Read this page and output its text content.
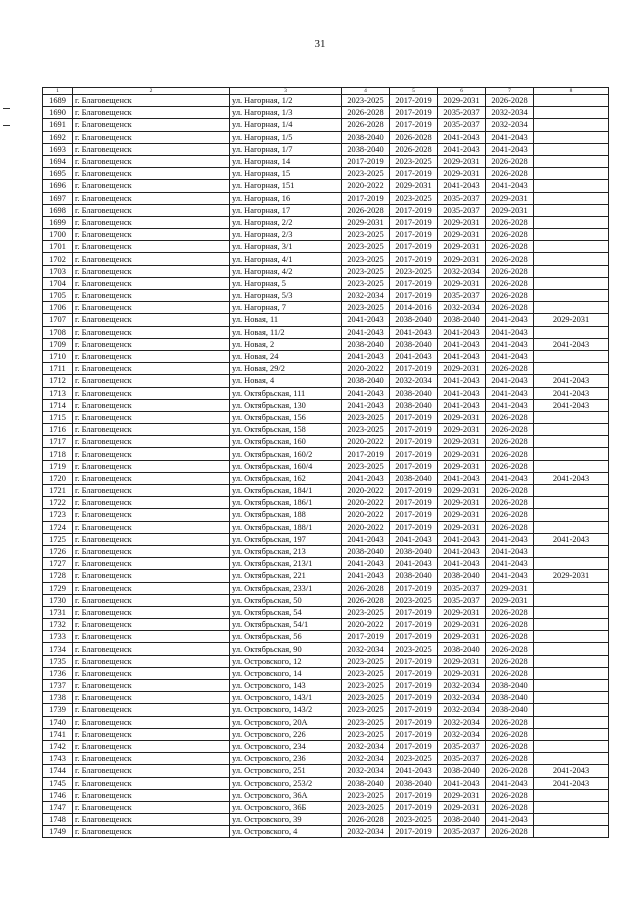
31
1	2	3	4	5	6	7	8
1689	г. Благовещенск	ул. Нагорная, 1/2	2023-2025	2017-2019	2029-2031	2026-2028	
1690	г. Благовещенск	ул. Нагорная, 1/3	2026-2028	2017-2019	2035-2037	2032-2034	
1691	г. Благовещенск	ул. Нагорная, 1/4	2026-2028	2017-2019	2035-2037	2032-2034	
1692	г. Благовещенск	ул. Нагорная, 1/5	2038-2040	2026-2028	2041-2043	2041-2043	
1693	г. Благовещенск	ул. Нагорная, 1/7	2038-2040	2026-2028	2041-2043	2041-2043	
1694	г. Благовещенск	ул. Нагорная, 14	2017-2019	2023-2025	2029-2031	2026-2028	
1695	г. Благовещенск	ул. Нагорная, 15	2023-2025	2017-2019	2029-2031	2026-2028	
1696	г. Благовещенск	ул. Нагорная, 151	2020-2022	2029-2031	2041-2043	2041-2043	
1697	г. Благовещенск	ул. Нагорная, 16	2017-2019	2023-2025	2035-2037	2029-2031	
1698	г. Благовещенск	ул. Нагорная, 17	2026-2028	2017-2019	2035-2037	2029-2031	
1699	г. Благовещенск	ул. Нагорная, 2/2	2029-2031	2017-2019	2029-2031	2026-2028	
1700	г. Благовещенск	ул. Нагорная, 2/3	2023-2025	2017-2019	2029-2031	2026-2028	
1701	г. Благовещенск	ул. Нагорная, 3/1	2023-2025	2017-2019	2029-2031	2026-2028	
1702	г. Благовещенск	ул. Нагорная, 4/1	2023-2025	2017-2019	2029-2031	2026-2028	
1703	г. Благовещенск	ул. Нагорная, 4/2	2023-2025	2023-2025	2032-2034	2026-2028	
1704	г. Благовещенск	ул. Нагорная, 5	2023-2025	2017-2019	2029-2031	2026-2028	
1705	г. Благовещенск	ул. Нагорная, 5/3	2032-2034	2017-2019	2035-2037	2026-2028	
1706	г. Благовещенск	ул. Нагорная, 7	2023-2025	2014-2016	2032-2034	2026-2028	
1707	г. Благовещенск	ул. Новая, 11	2041-2043	2038-2040	2038-2040	2041-2043	2029-2031
1708	г. Благовещенск	ул. Новая, 11/2	2041-2043	2041-2043	2041-2043	2041-2043	
1709	г. Благовещенск	ул. Новая, 2	2038-2040	2038-2040	2041-2043	2041-2043	2041-2043
1710	г. Благовещенск	ул. Новая, 24	2041-2043	2041-2043	2041-2043	2041-2043	
1711	г. Благовещенск	ул. Новая, 29/2	2020-2022	2017-2019	2029-2031	2026-2028	
1712	г. Благовещенск	ул. Новая, 4	2038-2040	2032-2034	2041-2043	2041-2043	2041-2043
1713	г. Благовещенск	ул. Октябрьская, 111	2041-2043	2038-2040	2041-2043	2041-2043	2041-2043
1714	г. Благовещенск	ул. Октябрьская, 130	2041-2043	2038-2040	2041-2043	2041-2043	2041-2043
1715	г. Благовещенск	ул. Октябрьская, 156	2023-2025	2017-2019	2029-2031	2026-2028	
1716	г. Благовещенск	ул. Октябрьская, 158	2023-2025	2017-2019	2029-2031	2026-2028	
1717	г. Благовещенск	ул. Октябрьская, 160	2020-2022	2017-2019	2029-2031	2026-2028	
1718	г. Благовещенск	ул. Октябрьская, 160/2	2017-2019	2017-2019	2029-2031	2026-2028	
1719	г. Благовещенск	ул. Октябрьская, 160/4	2023-2025	2017-2019	2029-2031	2026-2028	
1720	г. Благовещенск	ул. Октябрьская, 162	2041-2043	2038-2040	2041-2043	2041-2043	2041-2043
1721	г. Благовещенск	ул. Октябрьская, 184/1	2020-2022	2017-2019	2029-2031	2026-2028	
1722	г. Благовещенск	ул. Октябрьская, 186/1	2020-2022	2017-2019	2029-2031	2026-2028	
1723	г. Благовещенск	ул. Октябрьская, 188	2020-2022	2017-2019	2029-2031	2026-2028	
1724	г. Благовещенск	ул. Октябрьская, 188/1	2020-2022	2017-2019	2029-2031	2026-2028	
1725	г. Благовещенск	ул. Октябрьская, 197	2041-2043	2041-2043	2041-2043	2041-2043	2041-2043
1726	г. Благовещенск	ул. Октябрьская, 213	2038-2040	2038-2040	2041-2043	2041-2043	
1727	г. Благовещенск	ул. Октябрьская, 213/1	2041-2043	2041-2043	2041-2043	2041-2043	
1728	г. Благовещенск	ул. Октябрьская, 221	2041-2043	2038-2040	2038-2040	2041-2043	2029-2031
1729	г. Благовещенск	ул. Октябрьская, 233/1	2026-2028	2017-2019	2035-2037	2029-2031	
1730	г. Благовещенск	ул. Октябрьская, 50	2026-2028	2023-2025	2035-2037	2029-2031	
1731	г. Благовещенск	ул. Октябрьская, 54	2023-2025	2017-2019	2029-2031	2026-2028	
1732	г. Благовещенск	ул. Октябрьская, 54/1	2020-2022	2017-2019	2029-2031	2026-2028	
1733	г. Благовещенск	ул. Октябрьская, 56	2017-2019	2017-2019	2029-2031	2026-2028	
1734	г. Благовещенск	ул. Октябрьская, 90	2032-2034	2023-2025	2038-2040	2026-2028	
1735	г. Благовещенск	ул. Островского, 12	2023-2025	2017-2019	2029-2031	2026-2028	
1736	г. Благовещенск	ул. Островского, 14	2023-2025	2017-2019	2029-2031	2026-2028	
1737	г. Благовещенск	ул. Островского, 143	2023-2025	2017-2019	2032-2034	2038-2040	
1738	г. Благовещенск	ул. Островского, 143/1	2023-2025	2017-2019	2032-2034	2038-2040	
1739	г. Благовещенск	ул. Островского, 143/2	2023-2025	2017-2019	2032-2034	2038-2040	
1740	г. Благовещенск	ул. Островского, 20А	2023-2025	2017-2019	2032-2034	2026-2028	
1741	г. Благовещенск	ул. Островского, 226	2023-2025	2017-2019	2032-2034	2026-2028	
1742	г. Благовещенск	ул. Островского, 234	2032-2034	2017-2019	2035-2037	2026-2028	
1743	г. Благовещенск	ул. Островского, 236	2032-2034	2023-2025	2035-2037	2026-2028	
1744	г. Благовещенск	ул. Островского, 251	2032-2034	2041-2043	2038-2040	2026-2028	2041-2043
1745	г. Благовещенск	ул. Островского, 253/2	2038-2040	2038-2040	2041-2043	2041-2043	2041-2043
1746	г. Благовещенск	ул. Островского, 36А	2023-2025	2017-2019	2029-2031	2026-2028	
1747	г. Благовещенск	ул. Островского, 36Б	2023-2025	2017-2019	2029-2031	2026-2028	
1748	г. Благовещенск	ул. Островского, 39	2026-2028	2023-2025	2038-2040	2041-2043	
1749	г. Благовещенск	ул. Островского, 4	2032-2034	2017-2019	2035-2037	2026-2028	
